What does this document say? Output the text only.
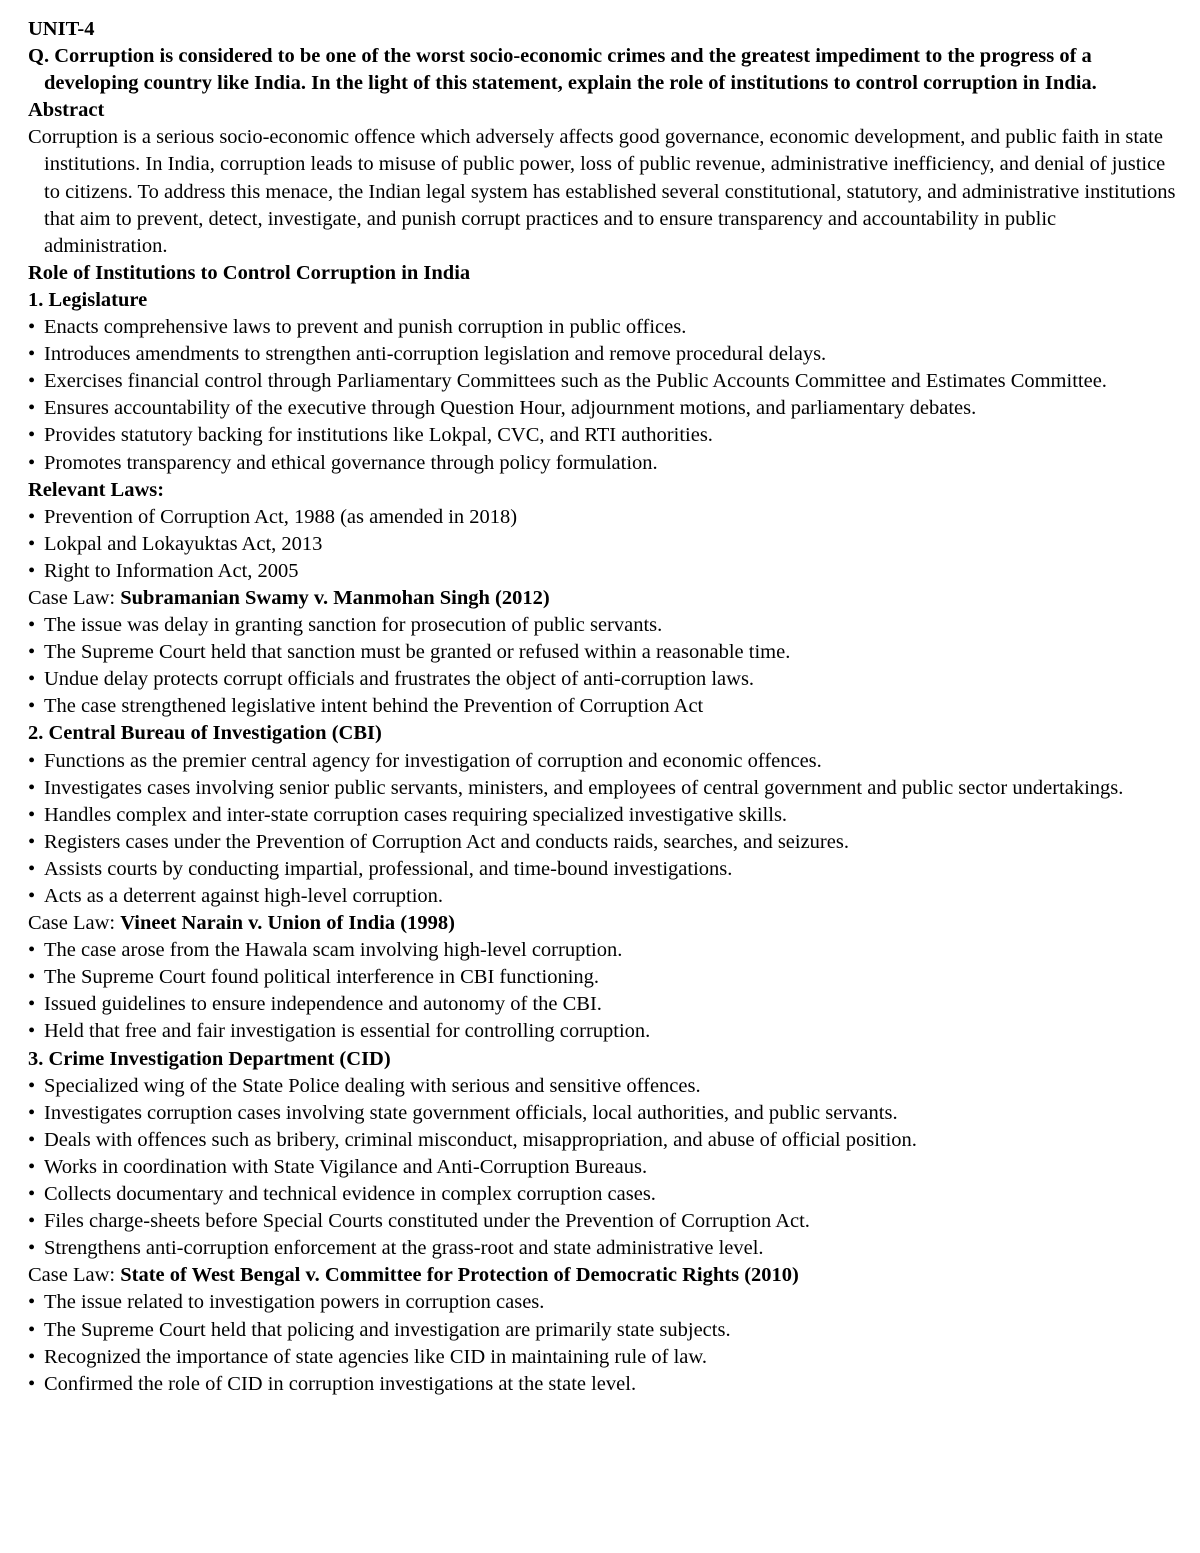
UNIT-4

Q. Corruption is considered to be one of the worst socio-economic crimes and the greatest impediment to the progress of a developing country like India. In the light of this statement, explain the role of institutions to control corruption in India.

Abstract

Corruption is a serious socio-economic offence which adversely affects good governance, economic development, and public faith in state institutions. In India, corruption leads to misuse of public power, loss of public revenue, administrative inefficiency, and denial of justice to citizens. To address this menace, the Indian legal system has established several constitutional, statutory, and administrative institutions that aim to prevent, detect, investigate, and punish corrupt practices and to ensure transparency and accountability in public administration.

Role of Institutions to Control Corruption in India

1. Legislature

• Enacts comprehensive laws to prevent and punish corruption in public offices.
• Introduces amendments to strengthen anti-corruption legislation and remove procedural delays.
• Exercises financial control through Parliamentary Committees such as the Public Accounts Committee and Estimates Committee.
• Ensures accountability of the executive through Question Hour, adjournment motions, and parliamentary debates.
• Provides statutory backing for institutions like Lokpal, CVC, and RTI authorities.
• Promotes transparency and ethical governance through policy formulation.

Relevant Laws:

• Prevention of Corruption Act, 1988 (as amended in 2018)
• Lokpal and Lokayuktas Act, 2013
• Right to Information Act, 2005

Case Law: Subramanian Swamy v. Manmohan Singh (2012)

• The issue was delay in granting sanction for prosecution of public servants.
• The Supreme Court held that sanction must be granted or refused within a reasonable time.
• Undue delay protects corrupt officials and frustrates the object of anti-corruption laws.
• The case strengthened legislative intent behind the Prevention of Corruption Act

2. Central Bureau of Investigation (CBI)

• Functions as the premier central agency for investigation of corruption and economic offences.
• Investigates cases involving senior public servants, ministers, and employees of central government and public sector undertakings.
• Handles complex and inter-state corruption cases requiring specialized investigative skills.
• Registers cases under the Prevention of Corruption Act and conducts raids, searches, and seizures.
• Assists courts by conducting impartial, professional, and time-bound investigations.
• Acts as a deterrent against high-level corruption.

Case Law: Vineet Narain v. Union of India (1998)

• The case arose from the Hawala scam involving high-level corruption.
• The Supreme Court found political interference in CBI functioning.
• Issued guidelines to ensure independence and autonomy of the CBI.
• Held that free and fair investigation is essential for controlling corruption.

3. Crime Investigation Department (CID)

• Specialized wing of the State Police dealing with serious and sensitive offences.
• Investigates corruption cases involving state government officials, local authorities, and public servants.
• Deals with offences such as bribery, criminal misconduct, misappropriation, and abuse of official position.
• Works in coordination with State Vigilance and Anti-Corruption Bureaus.
• Collects documentary and technical evidence in complex corruption cases.
• Files charge-sheets before Special Courts constituted under the Prevention of Corruption Act.
• Strengthens anti-corruption enforcement at the grass-root and state administrative level.

Case Law: State of West Bengal v. Committee for Protection of Democratic Rights (2010)

• The issue related to investigation powers in corruption cases.
• The Supreme Court held that policing and investigation are primarily state subjects.
• Recognized the importance of state agencies like CID in maintaining rule of law.
• Confirmed the role of CID in corruption investigations at the state level.
